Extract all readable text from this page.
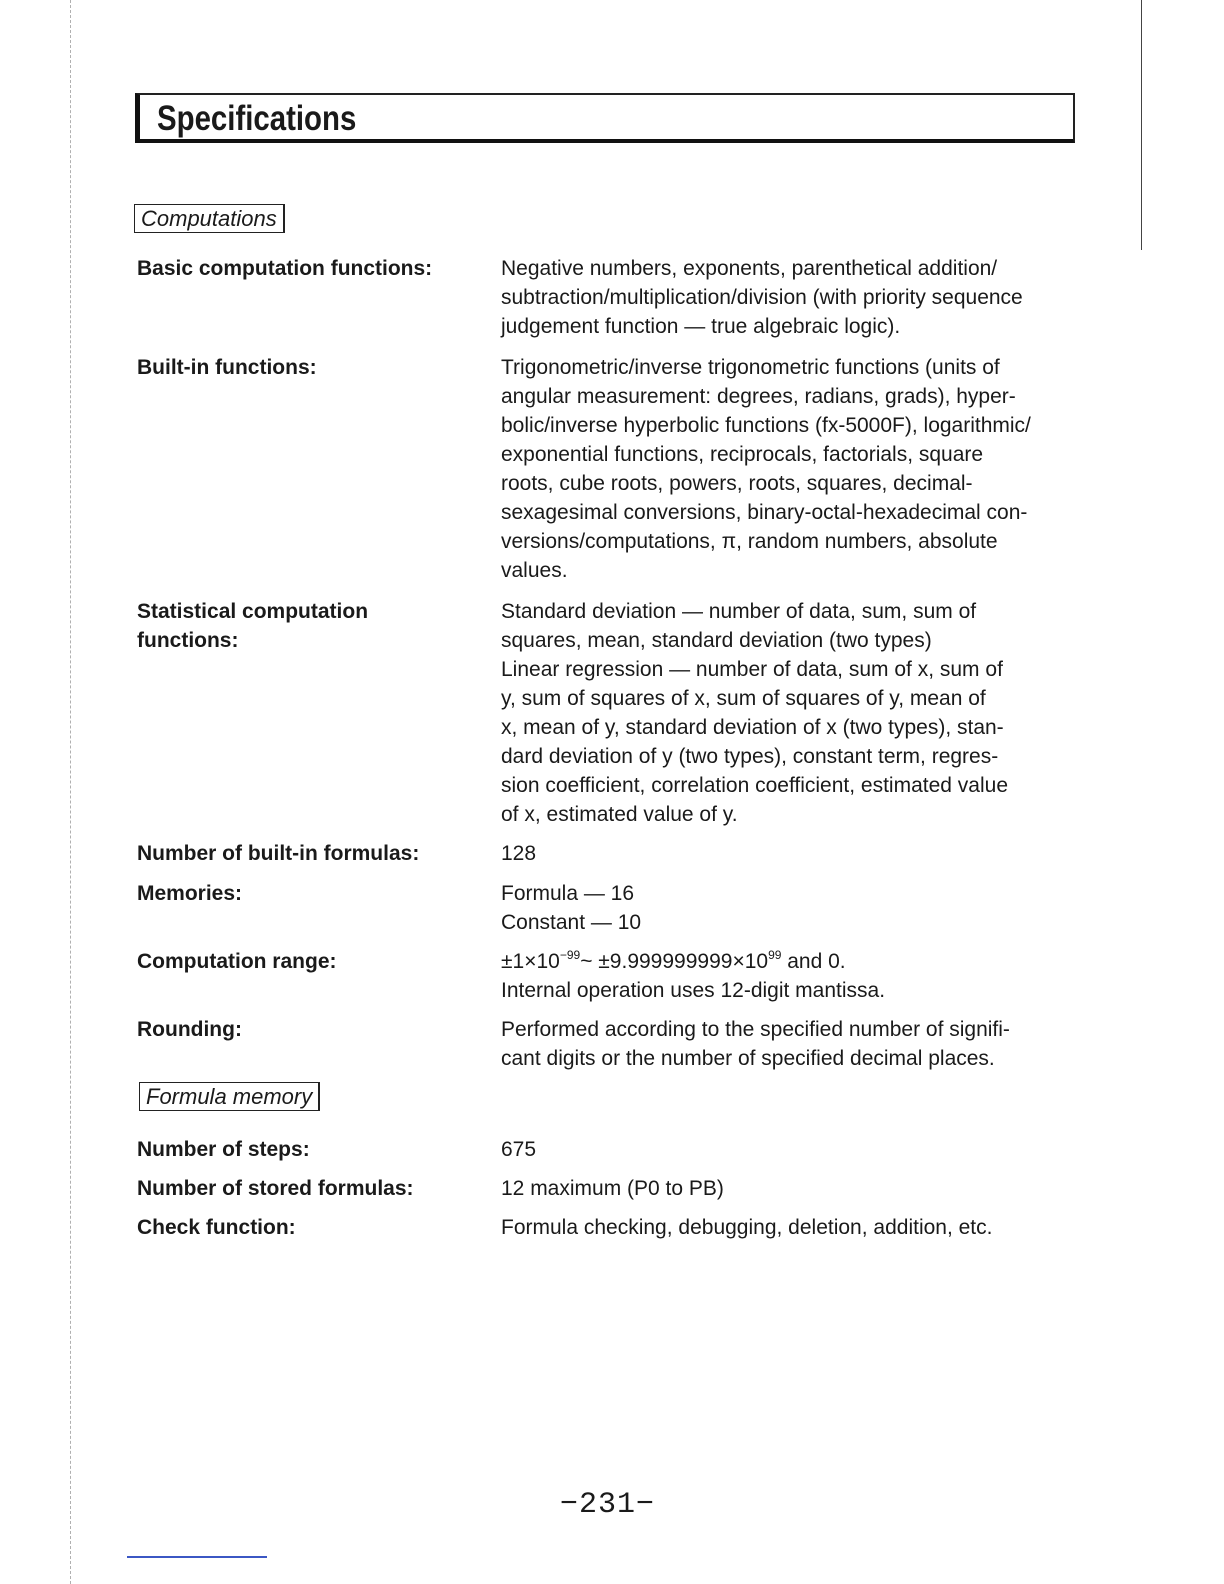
Specifications
Computations
Basic computation functions:	Negative numbers, exponents, parenthetical addition/
subtraction/multiplication/division (with priority sequence
judgement function — true algebraic logic).
Built-in functions:	Trigonometric/inverse trigonometric functions (units of
angular measurement: degrees, radians, grads), hyper-
bolic/inverse hyperbolic functions (fx-5000F), logarithmic/
exponential functions, reciprocals, factorials, square
roots, cube roots, powers, roots, squares, decimal-
sexagesimal conversions, binary-octal-hexadecimal con-
versions/computations, π, random numbers, absolute
values.
Statistical computation
functions:
Standard deviation — number of data, sum, sum of
squares, mean, standard deviation (two types)
Linear regression — number of data, sum of x, sum of
y, sum of squares of x, sum of squares of y, mean of
x, mean of y, standard deviation of x (two types), stan-
dard deviation of y (two types), constant term, regres-
sion coefficient, correlation coefficient, estimated value
of x, estimated value of y.
Number of built-in formulas:	128
Memories:	Formula — 16
Constant — 10
Computation range:	$\pm 1\times 10^{-99}\sim \pm 9.999999999\times 10^{99}$ and 0.
Internal operation uses 12-digit mantissa.
Rounding:	Performed according to the specified number of signifi-
cant digits or the number of specified decimal places.
Formula memory
Number of steps:	675
Number of stored formulas:	12 maximum (P0 to PB)
Check function:	Formula checking, debugging, deletion, addition, etc.
−231−
